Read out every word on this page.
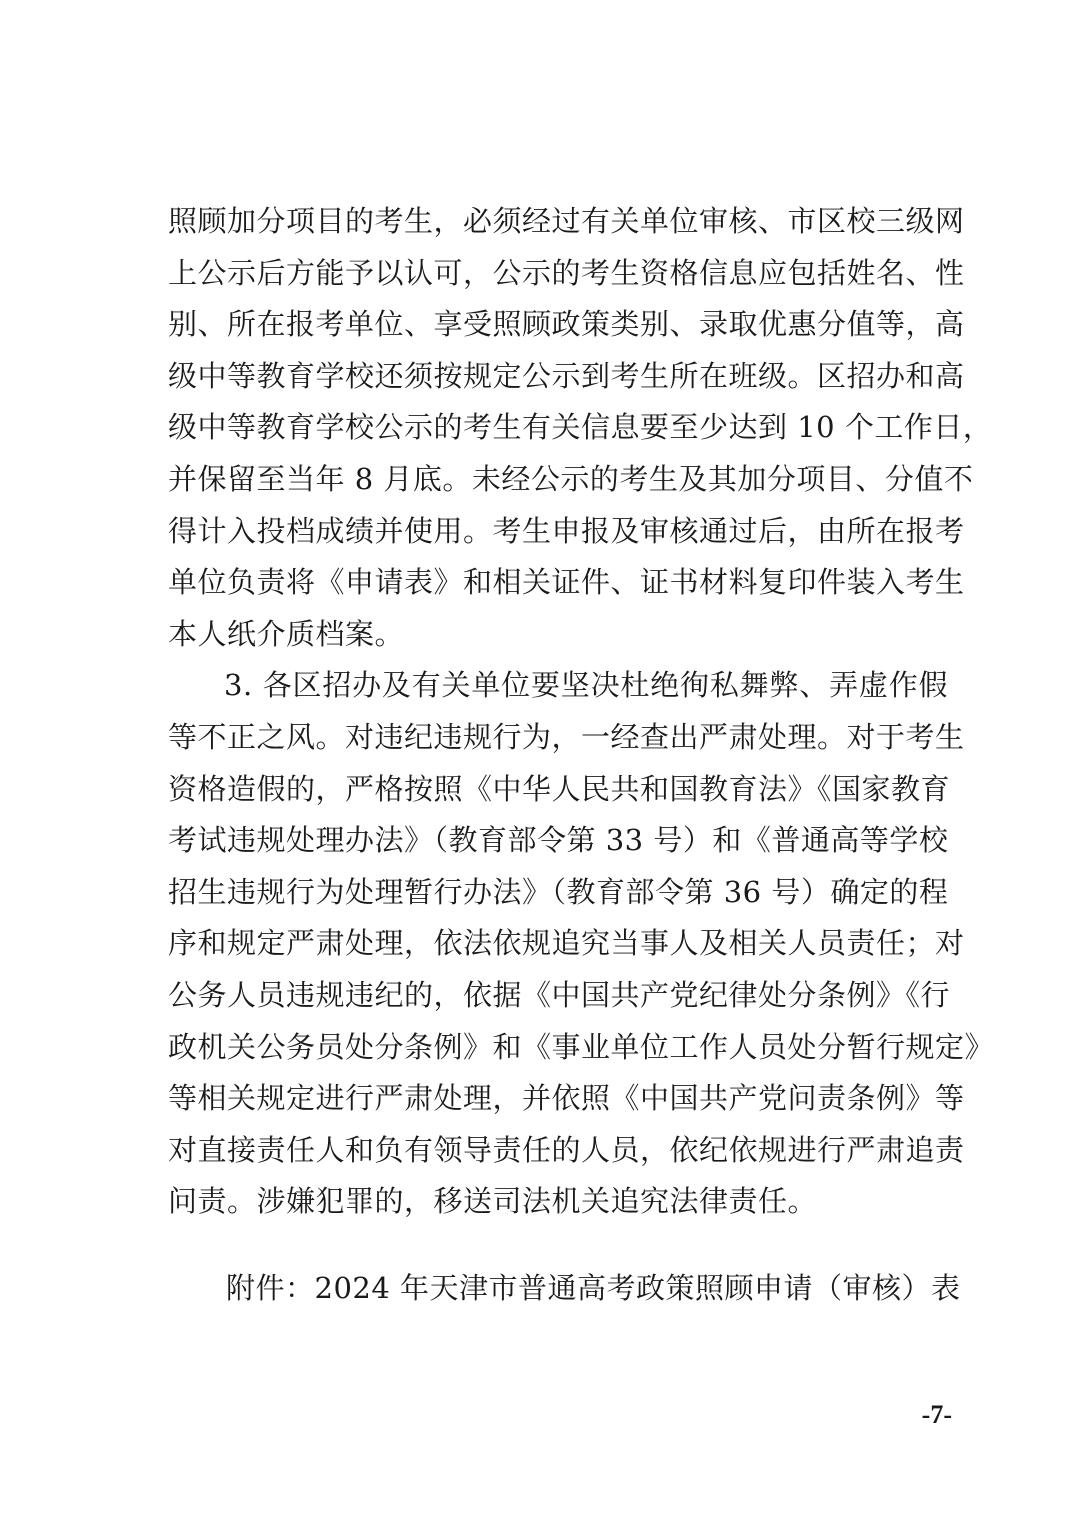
照顾加分项目的考生，必须经过有关单位审核、市区校三级网
上公示后方能予以认可，公示的考生资格信息应包括姓名、性
别、所在报考单位、享受照顾政策类别、录取优惠分值等，高
级中等教育学校还须按规定公示到考生所在班级。区招办和高
级中等教育学校公示的考生有关信息要至少达到 10 个工作日，
并保留至当年 8 月底。未经公示的考生及其加分项目、分值不
得计入投档成绩并使用。考生申报及审核通过后，由所在报考
单位负责将《申请表》和相关证件、证书材料复印件装入考生
本人纸介质档案。
3. 各区招办及有关单位要坚决杜绝徇私舞弊、弄虚作假
等不正之风。对违纪违规行为，一经查出严肃处理。对于考生
资格造假的，严格按照《中华人民共和国教育法》《国家教育
考试违规处理办法》（教育部令第 33 号）和《普通高等学校
招生违规行为处理暂行办法》（教育部令第 36 号）确定的程
序和规定严肃处理，依法依规追究当事人及相关人员责任；对
公务人员违规违纪的，依据《中国共产党纪律处分条例》《行
政机关公务员处分条例》和《事业单位工作人员处分暂行规定》
等相关规定进行严肃处理，并依照《中国共产党问责条例》等
对直接责任人和负有领导责任的人员，依纪依规进行严肃追责
问责。涉嫌犯罪的，移送司法机关追究法律责任。
附件：2024 年天津市普通高考政策照顾申请（审核）表
-7-
